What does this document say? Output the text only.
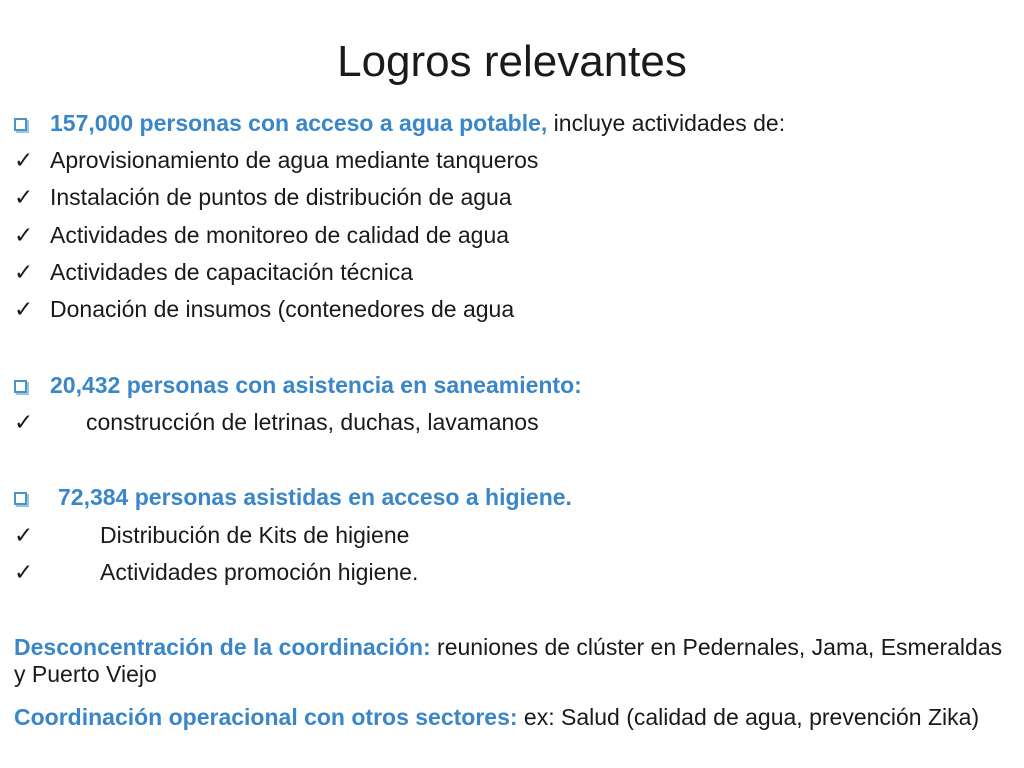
Logros relevantes
157,000 personas con acceso a agua potable, incluye actividades de:
✓ Aprovisionamiento de agua mediante tanqueros
✓ Instalación de puntos de distribución de agua
✓ Actividades de monitoreo de calidad de agua
✓ Actividades de capacitación técnica
✓ Donación de insumos (contenedores de agua
20,432 personas con asistencia en saneamiento:
✓ construcción de letrinas, duchas, lavamanos
72,384 personas asistidas en acceso a higiene.
✓	Distribución de Kits de higiene
✓	Actividades promoción higiene.
Desconcentración de la coordinación: reuniones de clúster en Pedernales, Jama, Esmeraldas y Puerto Viejo
Coordinación operacional con otros sectores: ex: Salud (calidad de agua, prevención Zika)
